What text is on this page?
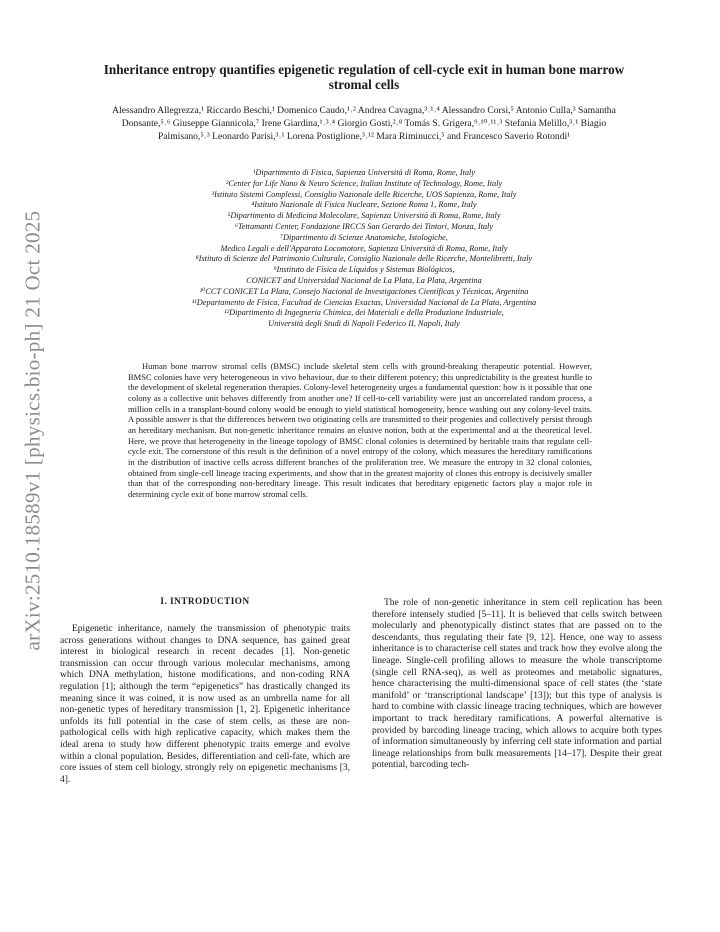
arXiv:2510.18589v1 [physics.bio-ph] 21 Oct 2025
Inheritance entropy quantifies epigenetic regulation of cell-cycle exit in human bone marrow stromal cells

Alessandro Allegrezza,¹ Riccardo Beschi,¹ Domenico Caudo,¹˒² Andrea Cavagna,³˒¹˒⁴ Alessandro Corsi,⁵ Antonio Culla,³ Samantha Donsante,⁵˒⁶ Giuseppe Giannicola,⁷ Irene Giardina,¹˒³˒⁴ Giorgio Gosti,²˒⁸ Tomás S. Grigera,⁹˒¹⁰˒¹¹˒³ Stefania Melillo,³˒¹ Biagio Palmisano,⁵˒³ Leonardo Parisi,³˒¹ Lorena Postiglione,³˒¹² Mara Riminucci,⁵ and Francesco Saverio Rotondi¹

¹Dipartimento di Fisica, Sapienza Università di Roma, Rome, Italy
²Center for Life Nano & Neuro Science, Italian Institute of Technology, Rome, Italy
³Istituto Sistemi Complessi, Consiglio Nazionale delle Ricerche, UOS Sapienza, Rome, Italy
⁴Istituto Nazionale di Fisica Nucleare, Sezione Roma 1, Rome, Italy
⁵Dipartimento di Medicina Molecolare, Sapienza Università di Roma, Rome, Italy
⁶Tettamanti Center, Fondazione IRCCS San Gerardo dei Tintori, Monza, Italy
⁷Dipartimento di Scienze Anatomiche, Istologiche,
Medico Legali e dell'Apparato Locomotore, Sapienza Università di Roma, Rome, Italy
⁸Istituto di Scienze del Patrimonio Culturale, Consiglio Nazionale delle Ricerche, Montelibretti, Italy
⁹Instituto de Física de Líquidos y Sistemas Biológicos,
CONICET and Universidad Nacional de La Plata, La Plata, Argentina
¹⁰CCT CONICET La Plata, Consejo Nacional de Investigaciones Científicas y Técnicas, Argentina
¹¹Departamento de Física, Facultad de Ciencias Exactas, Universidad Nacional de La Plata, Argentina
¹²Dipartimento di Ingegneria Chimica, dei Materiali e della Produzione Industriale,
Università degli Studi di Napoli Federico II, Napoli, Italy

Human bone marrow stromal cells (BMSC) include skeletal stem cells with ground-breaking therapeutic potential. However, BMSC colonies have very heterogeneous in vivo behaviour, due to their different potency; this unpredictability is the greatest hurdle to the development of skeletal regeneration therapies. Colony-level heterogeneity urges a fundamental question: how is it possible that one colony as a collective unit behaves differently from another one? If cell-to-cell variability were just an uncorrelated random process, a million cells in a transplant-bound colony would be enough to yield statistical homogeneity, hence washing out any colony-level traits. A possible answer is that the differences between two originating cells are transmitted to their progenies and collectively persist through an hereditary mechanism. But non-genetic inheritance remains an elusive notion, both at the experimental and at the theoretical level. Here, we prove that heterogeneity in the lineage topology of BMSC clonal colonies is determined by heritable traits that regulate cell-cycle exit. The cornerstone of this result is the definition of a novel entropy of the colony, which measures the hereditary ramifications in the distribution of inactive cells across different branches of the proliferation tree. We measure the entropy in 32 clonal colonies, obtained from single-cell lineage tracing experiments, and show that in the greatest majority of clones this entropy is decisively smaller than that of the corresponding non-hereditary lineage. This result indicates that hereditary epigenetic factors play a major role in determining cycle exit of bone marrow stromal cells.

I. INTRODUCTION

Epigenetic inheritance, namely the transmission of phenotypic traits across generations without changes to DNA sequence, has gained great interest in biological research in recent decades [1]. Non-genetic transmission can occur through various molecular mechanisms, among which DNA methylation, histone modifications, and non-coding RNA regulation [1]; although the term “epigenetics” has drastically changed its meaning since it was coined, it is now used as an umbrella name for all non-genetic types of hereditary transmission [1, 2]. Epigenetic inheritance unfolds its full potential in the case of stem cells, as these are non-pathological cells with high replicative capacity, which makes them the ideal arena to study how different phenotypic traits emerge and evolve within a clonal population. Besides, differentiation and cell-fate, which are core issues of stem cell biology, strongly rely on epigenetic mechanisms [3, 4].

The role of non-genetic inheritance in stem cell replication has been therefore intensely studied [5–11]. It is believed that cells switch between molecularly and phenotypically distinct states that are passed on to the descendants, thus regulating their fate [9, 12]. Hence, one way to assess inheritance is to characterise cell states and track how they evolve along the lineage. Single-cell profiling allows to measure the whole transcriptome (single cell RNA-seq), as well as proteomes and metabolic signatures, hence characterising the multi-dimensional space of cell states (the ‘state manifold’ or ‘transcriptional landscape’ [13]); but this type of analysis is hard to combine with classic lineage tracing techniques, which are however important to track hereditary ramifications. A powerful alternative is provided by barcoding lineage tracing, which allows to acquire both types of information simultaneously by inferring cell state information and partial lineage relationships from bulk measurements [14–17]. Despite their great potential, barcoding tech-
